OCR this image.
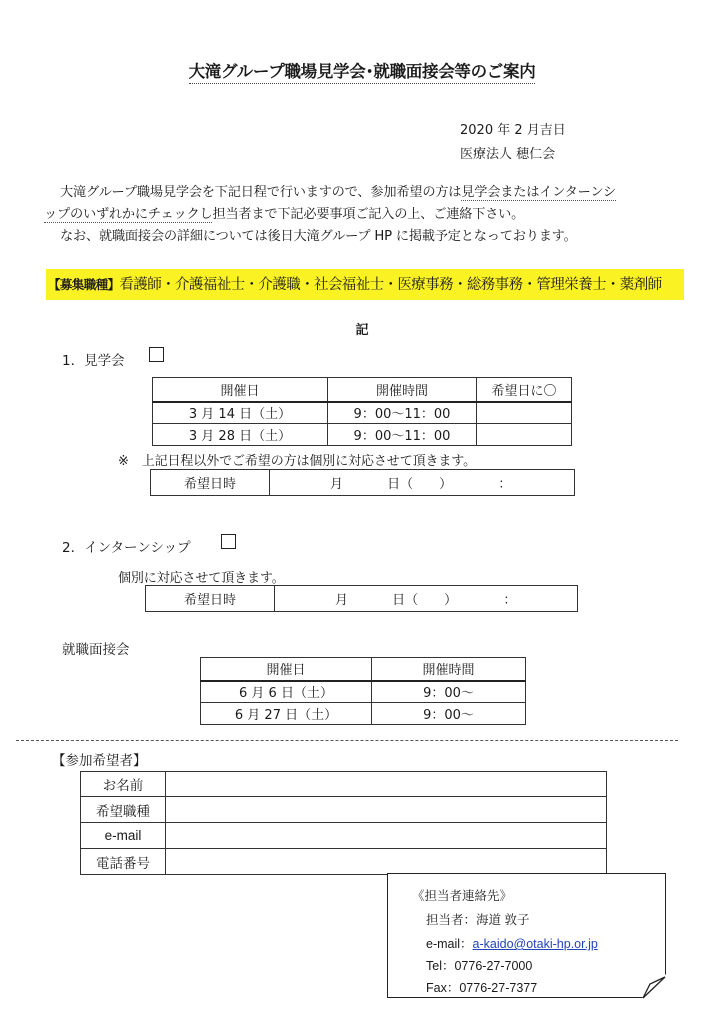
大滝グループ職場見学会･就職面接会等のご案内
2020 年 2 月吉日
医療法人 穂仁会
大滝グループ職場見学会を下記日程で行いますので、参加希望の方は見学会またはインターンシ
ップのいずれかにチェックし担当者まで下記必要事項ご記入の上、ご連絡下さい。
なお、就職面接会の詳細については後日大滝グループ HP に掲載予定となっております。
【募集職種】看護師・介護福祉士・介護職・社会福祉士・医療事務・総務事務・管理栄養士・薬剤師
記
1．見学会
開催日	開催時間	希望日に〇
3 月 14 日（土）	9：00〜11：00	
3 月 28 日（土）	9：00〜11：00	
※　上記日程以外でご希望の方は個別に対応させて頂きます。
希望日時	月	日（　　）	：
2．インターンシップ
個別に対応させて頂きます。
希望日時	月	日（　　）	：
就職面接会
開催日	開催時間
6 月 6 日（土）	9：00〜
6 月 27 日（土）	9：00〜
【参加希望者】
お名前	
希望職種	
e-mail	
電話番号	
《担当者連絡先》
担当者：海道 敦子
e-mail：a-kaido@otaki-hp.or.jp
Tel：0776-27-7000
Fax：0776-27-7377
